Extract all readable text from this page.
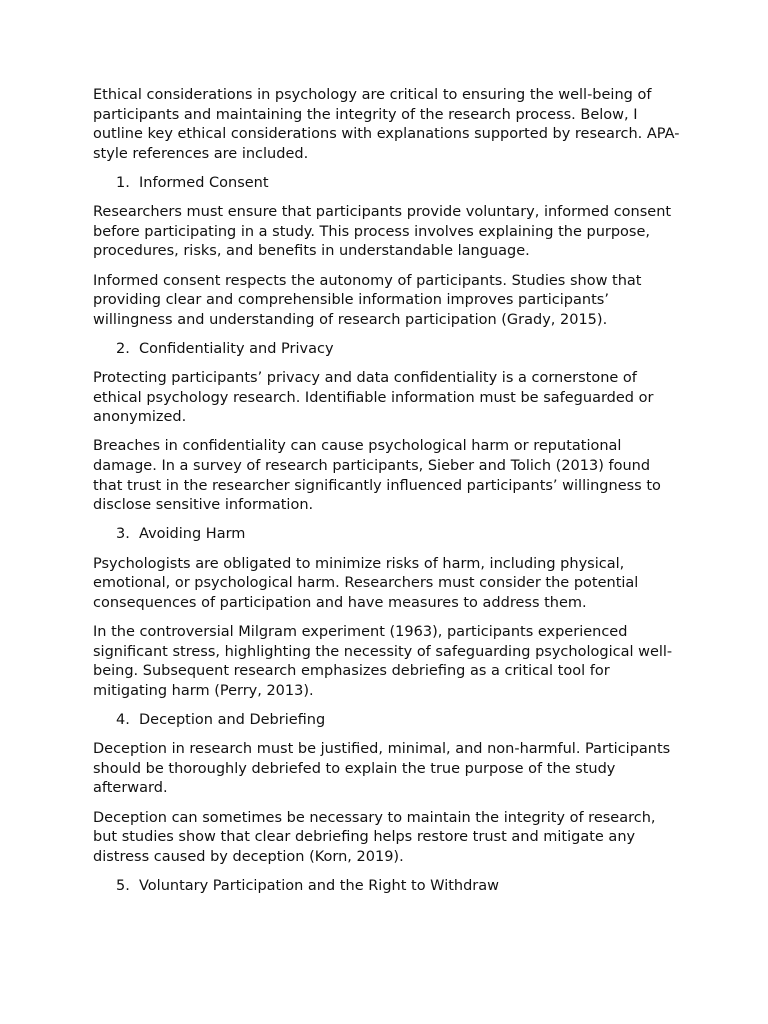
Ethical considerations in psychology are critical to ensuring the well-being of participants and maintaining the integrity of the research process. Below, I outline key ethical considerations with explanations supported by research. APA-style references are included.

1. Informed Consent

Researchers must ensure that participants provide voluntary, informed consent before participating in a study. This process involves explaining the purpose, procedures, risks, and benefits in understandable language.

Informed consent respects the autonomy of participants. Studies show that providing clear and comprehensible information improves participants’ willingness and understanding of research participation (Grady, 2015).

2. Confidentiality and Privacy

Protecting participants’ privacy and data confidentiality is a cornerstone of ethical psychology research. Identifiable information must be safeguarded or anonymized.

Breaches in confidentiality can cause psychological harm or reputational damage. In a survey of research participants, Sieber and Tolich (2013) found that trust in the researcher significantly influenced participants’ willingness to disclose sensitive information.

3. Avoiding Harm

Psychologists are obligated to minimize risks of harm, including physical, emotional, or psychological harm. Researchers must consider the potential consequences of participation and have measures to address them.

In the controversial Milgram experiment (1963), participants experienced significant stress, highlighting the necessity of safeguarding psychological well-being. Subsequent research emphasizes debriefing as a critical tool for mitigating harm (Perry, 2013).

4. Deception and Debriefing

Deception in research must be justified, minimal, and non-harmful. Participants should be thoroughly debriefed to explain the true purpose of the study afterward.

Deception can sometimes be necessary to maintain the integrity of research, but studies show that clear debriefing helps restore trust and mitigate any distress caused by deception (Korn, 2019).

5. Voluntary Participation and the Right to Withdraw
